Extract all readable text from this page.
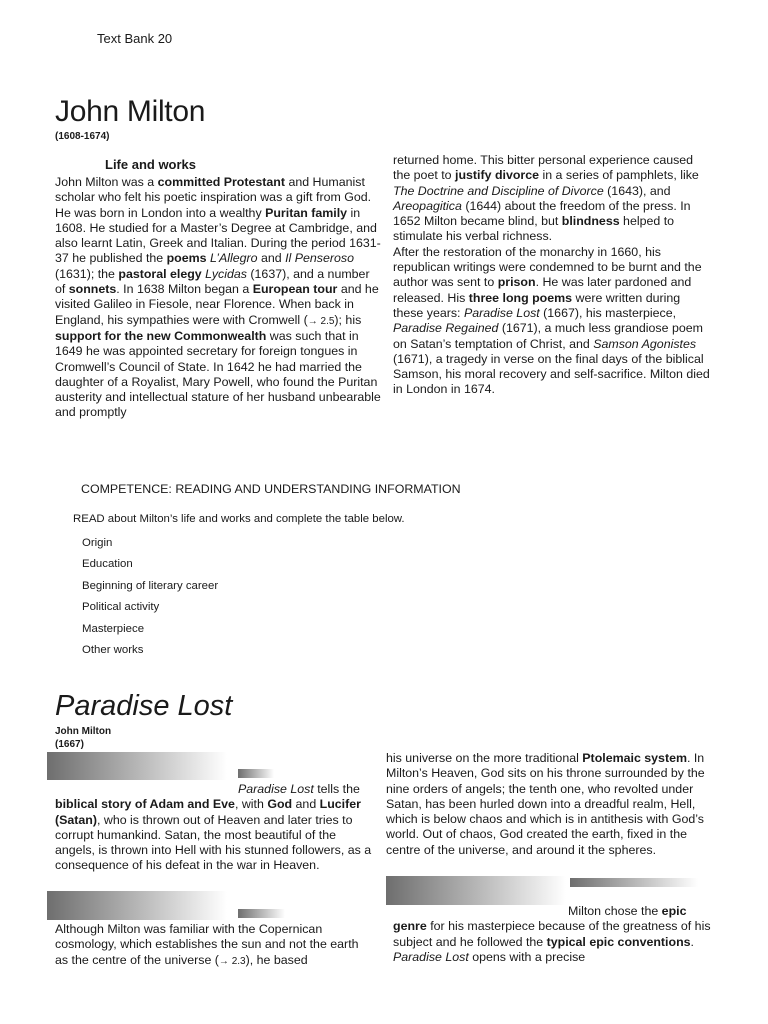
Text Bank 20
John Milton
(1608-1674)
Life and works

John Milton was a committed Protestant and Humanist scholar who felt his poetic inspiration was a gift from God. He was born in London into a wealthy Puritan family in 1608. He studied for a Master’s Degree at Cambridge, and also learnt Latin, Greek and Italian. During the period 1631- 37 he published the poems L’Allegro and Il Penseroso (1631); the pastoral elegy Lycidas (1637), and a number of sonnets. In 1638 Milton began a European tour and he visited Galileo in Fiesole, near Florence. When back in England, his sympathies were with Cromwell (→ 2.5); his support for the new Commonwealth was such that in 1649 he was appointed secretary for foreign tongues in Cromwell’s Council of State. In 1642 he had married the daughter of a Royalist, Mary Powell, who found the Puritan austerity and intellectual stature of her husband unbearable and promptly

returned home. This bitter personal experience caused the poet to justify divorce in a series of pamphlets, like The Doctrine and Discipline of Divorce (1643), and Areopagitica (1644) about the freedom of the press. In 1652 Milton became blind, but blindness helped to stimulate his verbal richness.
After the restoration of the monarchy in 1660, his republican writings were condemned to be burnt and the author was sent to prison. He was later pardoned and released. His three long poems were written during these years: Paradise Lost (1667), his masterpiece, Paradise Regained (1671), a much less grandiose poem on Satan’s temptation of Christ, and Samson Agonistes (1671), a tragedy in verse on the final days of the biblical Samson, his moral recovery and self-sacrifice. Milton died in London in 1674.

COMPETENCE: READING AND UNDERSTANDING INFORMATION
READ about Milton’s life and works and complete the table below.
Origin
Education
Beginning of literary career
Political activity
Masterpiece
Other works
Paradise Lost
John Milton
(1667)

Paradise Lost tells the
biblical story of Adam and Eve, with God and Lucifer (Satan), who is thrown out of Heaven and later tries to corrupt humankind. Satan, the most beautiful of the angels, is thrown into Hell with his stunned followers, as a consequence of his defeat in the war in Heaven.

Although Milton was familiar with the Copernican cosmology, which establishes the sun and not the earth as the centre of the universe (→ 2.3), he based

his universe on the more traditional Ptolemaic system. In Milton’s Heaven, God sits on his throne surrounded by the nine orders of angels; the tenth one, who revolted under Satan, has been hurled down into a dreadful realm, Hell, which is below chaos and which is in antithesis with God’s world. Out of chaos, God created the earth, fixed in the centre of the universe, and around it the spheres.

Milton chose the epic
genre for his masterpiece because of the greatness of his subject and he followed the typical epic conventions. Paradise Lost opens with a precise
